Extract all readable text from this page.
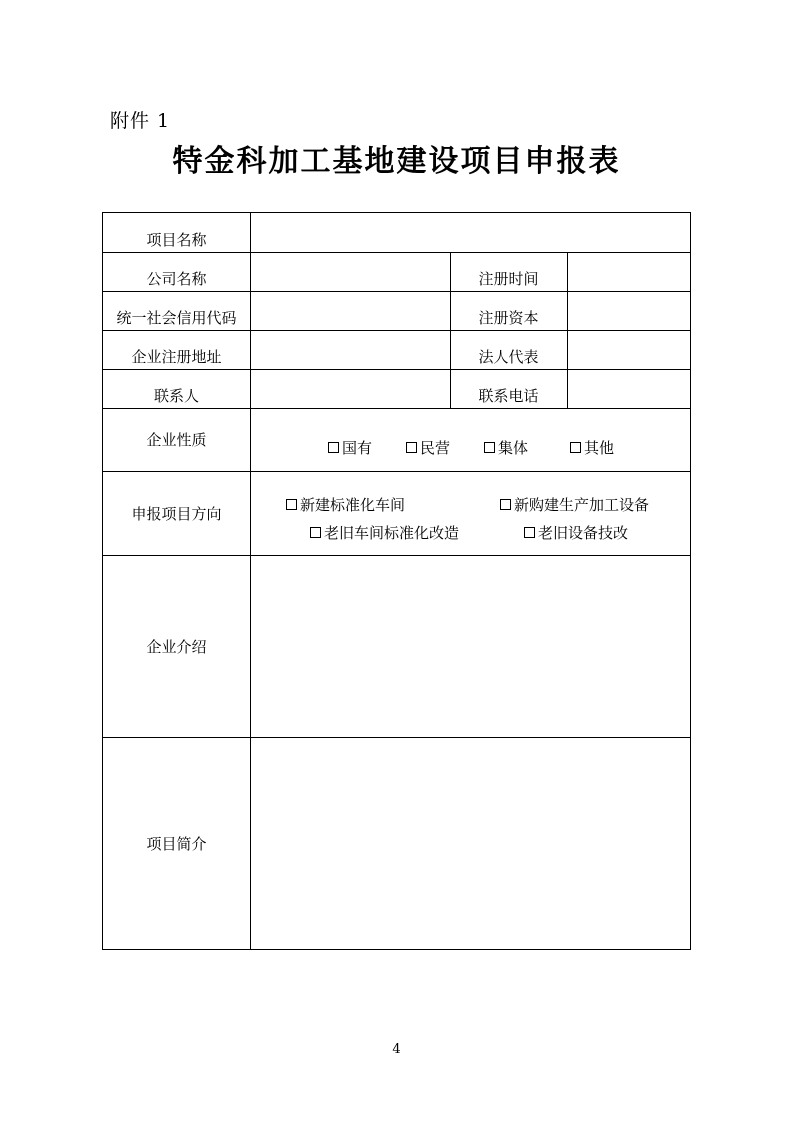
附件 1
特金科加工基地建设项目申报表
项目名称
公司名称	注册时间
统一社会信用代码	注册资本
企业注册地址	法人代表
联系人	联系电话
企业性质	国有	民营	集体	其他
申报项目方向	新建标准化车间	新购建生产加工设备
老旧车间标准化改造	老旧设备技改
企业介绍
项目简介
4
